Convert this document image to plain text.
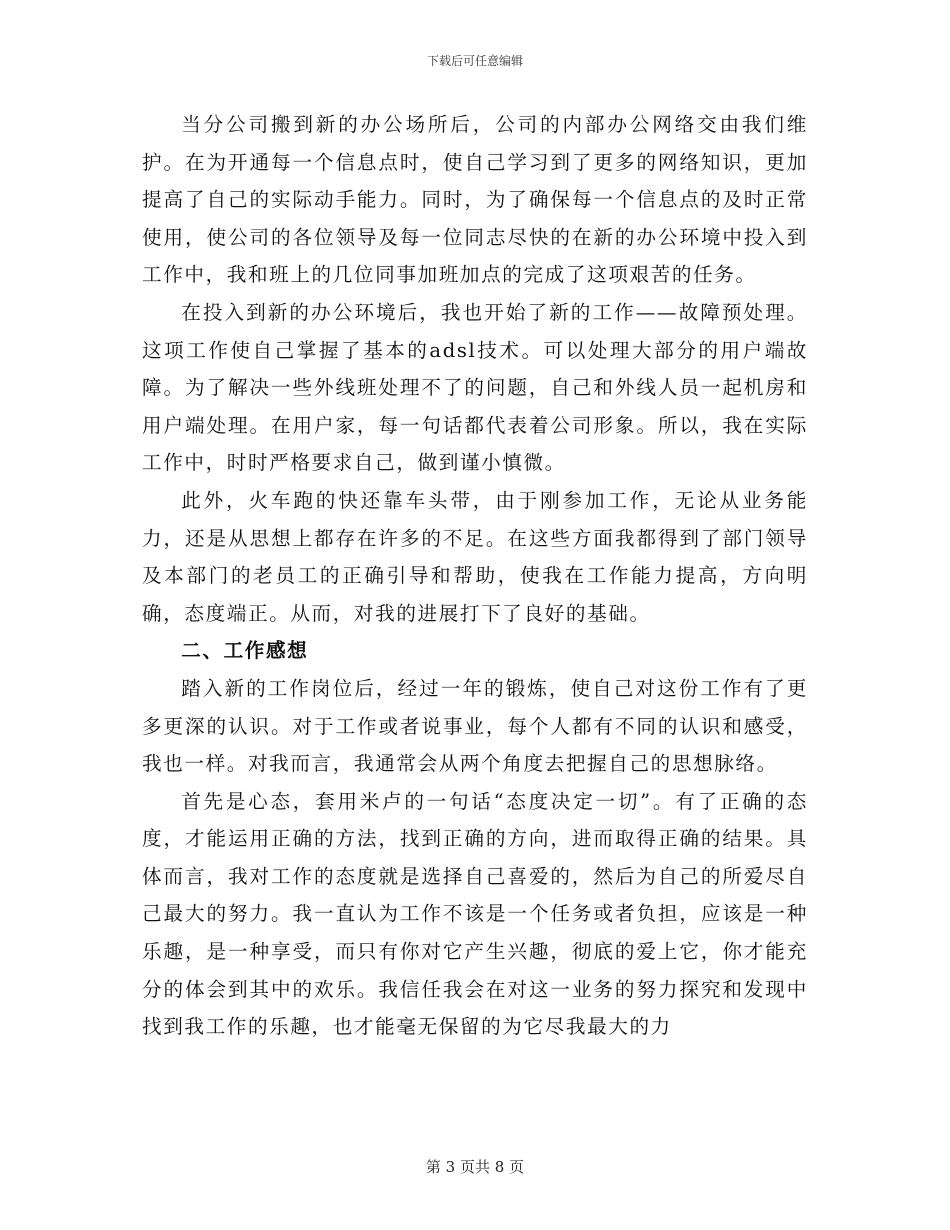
下载后可任意编辑

当分公司搬到新的办公场所后，公司的内部办公网络交由我们维护。在为开通每一个信息点时，使自己学习到了更多的网络知识，更加提高了自己的实际动手能力。同时，为了确保每一个信息点的及时正常使用，使公司的各位领导及每一位同志尽快的在新的办公环境中投入到工作中，我和班上的几位同事加班加点的完成了这项艰苦的任务。

在投入到新的办公环境后，我也开始了新的工作——故障预处理。这项工作使自己掌握了基本的adsl技术。可以处理大部分的用户端故障。为了解决一些外线班处理不了的问题，自己和外线人员一起机房和用户端处理。在用户家，每一句话都代表着公司形象。所以，我在实际工作中，时时严格要求自己，做到谨小慎微。

此外，火车跑的快还靠车头带，由于刚参加工作，无论从业务能力，还是从思想上都存在许多的不足。在这些方面我都得到了部门领导及本部门的老员工的正确引导和帮助，使我在工作能力提高，方向明确，态度端正。从而，对我的进展打下了良好的基础。

二、工作感想

踏入新的工作岗位后，经过一年的锻炼，使自己对这份工作有了更多更深的认识。对于工作或者说事业，每个人都有不同的认识和感受，我也一样。对我而言，我通常会从两个角度去把握自己的思想脉络。

首先是心态，套用米卢的一句话“态度决定一切”。有了正确的态度，才能运用正确的方法，找到正确的方向，进而取得正确的结果。具体而言，我对工作的态度就是选择自己喜爱的，然后为自己的所爱尽自己最大的努力。我一直认为工作不该是一个任务或者负担，应该是一种乐趣，是一种享受，而只有你对它产生兴趣，彻底的爱上它，你才能充分的体会到其中的欢乐。我信任我会在对这一业务的努力探究和发现中找到我工作的乐趣，也才能毫无保留的为它尽我最大的力

第 3 页共 8 页
